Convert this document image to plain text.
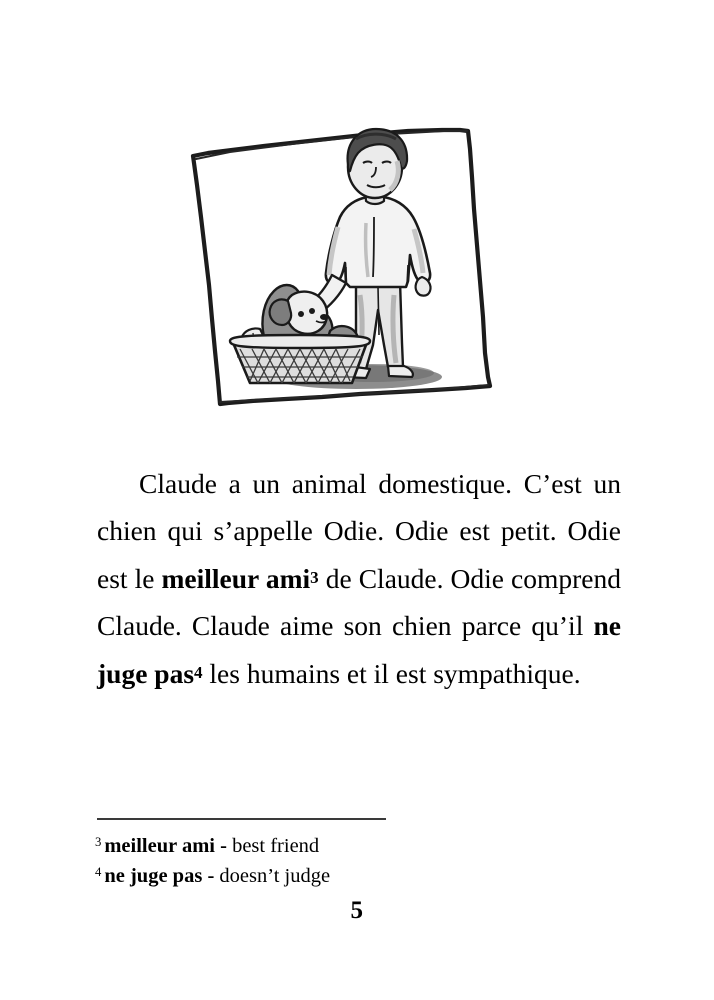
Claude a un animal domestique. C’est un chien qui s’appelle Odie. Odie est petit. Odie est le meilleur ami3 de Claude. Odie comprend Claude. Claude aime son chien parce qu’il ne juge pas4 les humains et il est sympathique.

$^3$ meilleur ami - best friend
$^4$ ne juge pas - doesn’t judge
5
